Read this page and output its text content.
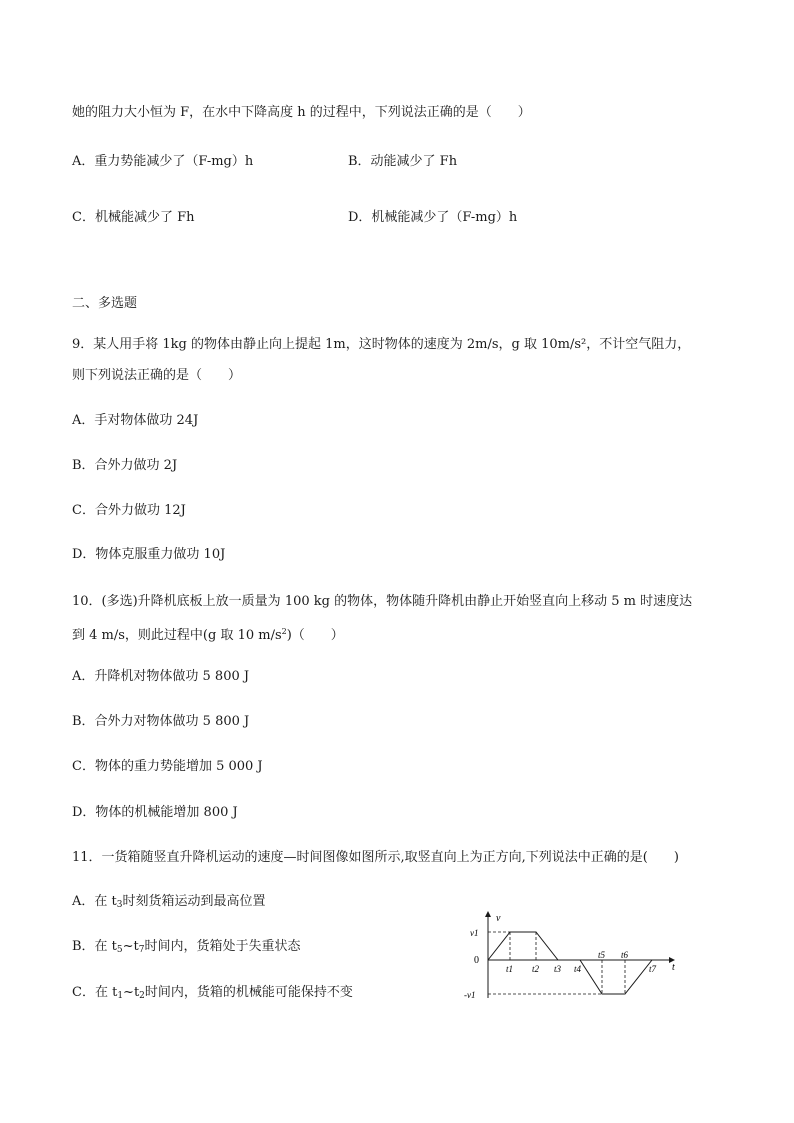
她的阻力大小恒为 F，在水中下降高度 h 的过程中，下列说法正确的是（　　）
A．重力势能减少了（F-mg）h	B．动能减少了 Fh
C．机械能减少了 Fh	D．机械能减少了（F-mg）h
二、多选题
9．某人用手将 1kg 的物体由静止向上提起 1m，这时物体的速度为 2m/s，g 取 10m/s²，不计空气阻力，
则下列说法正确的是（　　）
A．手对物体做功 24J
B．合外力做功 2J
C．合外力做功 12J
D．物体克服重力做功 10J
10．(多选)升降机底板上放一质量为 100 kg 的物体，物体随升降机由静止开始竖直向上移动 5 m 时速度达
到 4 m/s，则此过程中(g 取 10 $m/s^2$)（　　）
A．升降机对物体做功 5 800 J
B．合外力对物体做功 5 800 J
C．物体的重力势能增加 5 000 J
D．物体的机械能增加 800 J
11．一货箱随竖直升降机运动的速度—时间图像如图所示,取竖直向上为正方向,下列说法中正确的是(　　)
A．在 $t_3$时刻货箱运动到最高位置
B．在 $t_5\sim t_7$时间内，货箱处于失重状态
C．在 $t_1\sim t_2$时间内，货箱的机械能可能保持不变
v
t
0
v1
-v1
t1 t2 t3 t4
t5 t6
t7
